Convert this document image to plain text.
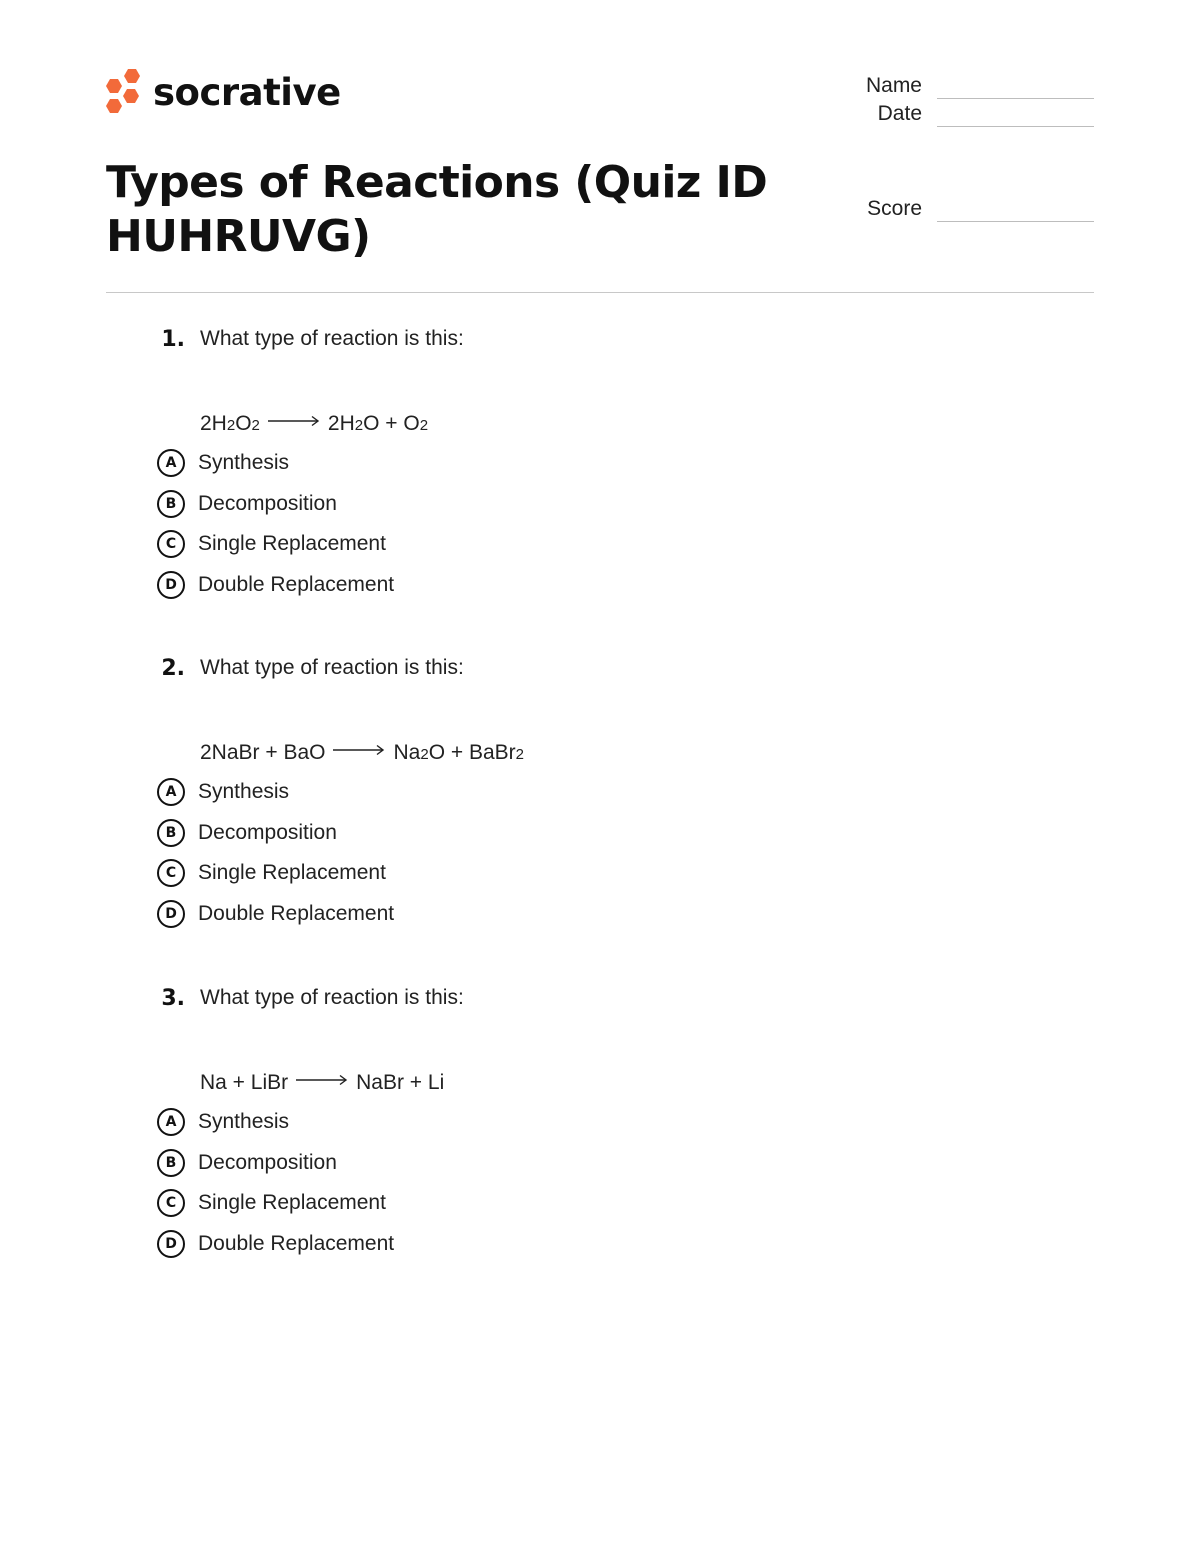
socrative
Types of Reactions (Quiz ID HUHRUVG)
Name
Date
Score
1. What type of reaction is this:
2H 2 O 2 → 2H 2 O + O 2
A	Synthesis
B	Decomposition
C	Single Replacement
D	Double Replacement
2. What type of reaction is this:
2NaBr + BaO → Na 2 O + BaBr 2
A	Synthesis
B	Decomposition
C	Single Replacement
D	Double Replacement
3. What type of reaction is this:
Na + LiBr → NaBr + Li
A	Synthesis
B	Decomposition
C	Single Replacement
D	Double Replacement
